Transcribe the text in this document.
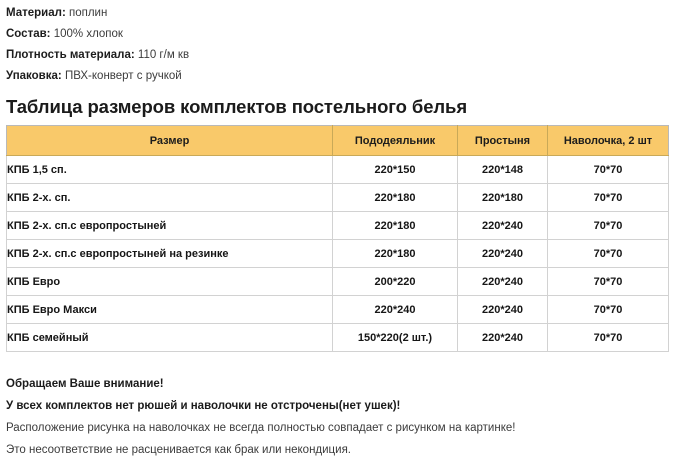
Материал: поплин
Состав: 100% хлопок
Плотность материала: 110 г/м кв
Упаковка: ПВХ-конверт с ручкой
Таблица размеров комплектов постельного белья
Размер	Пододеяльник	Простыня	Наволочка, 2 шт
КПБ 1,5 сп.	220*150	220*148	70*70
КПБ 2-х. сп.	220*180	220*180	70*70
КПБ 2-х. сп.с европростыней	220*180	220*240	70*70
КПБ 2-х. сп.с европростыней на резинке	220*180	220*240	70*70
КПБ Евро	200*220	220*240	70*70
КПБ Евро Макси	220*240	220*240	70*70
КПБ семейный	150*220(2 шт.)	220*240	70*70
Обращаем Ваше внимание!
У всех комплектов нет рюшей и наволочки не отстрочены(нет ушек)!
Расположение рисунка на наволочках не всегда полностью совпадает с рисунком на картинке!
Это несоответствие не расценивается как брак или некондиция.
